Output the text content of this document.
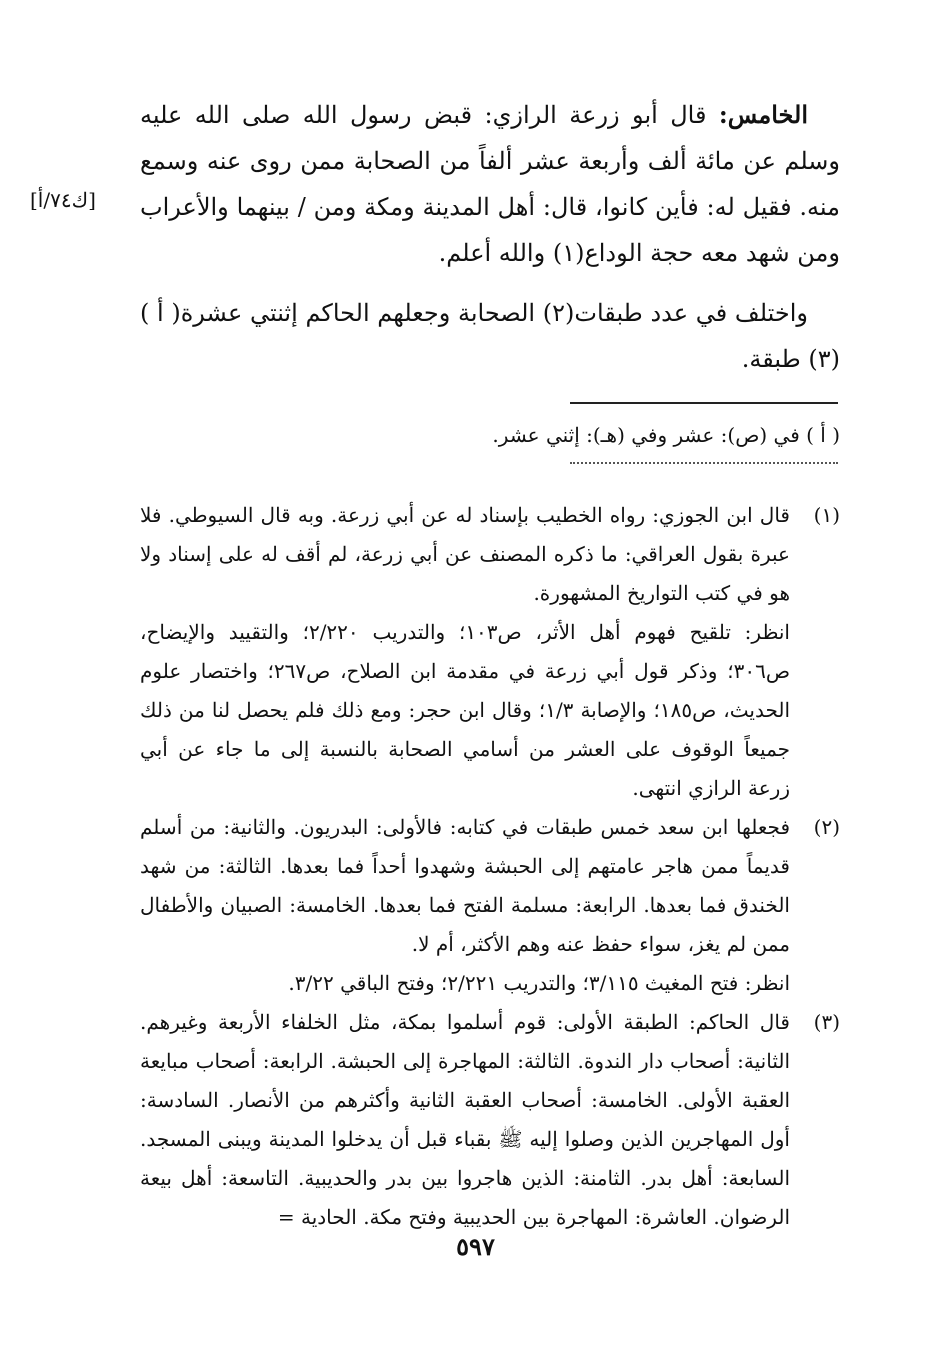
الخامس: قال أبو زرعة الرازي: قبض رسول الله صلى الله عليه وسلم عن مائة ألف وأربعة عشر ألفاً من الصحابة ممن روى عنه وسمع منه. فقيل له: فأين كانوا، قال: أهل المدينة ومكة ومن / بينهما والأعراب ومن شهد معه حجة الوداع(١) والله أعلم.

واختلف في عدد طبقات(٢) الصحابة وجعلهم الحاكم إثنتي عشرة( أ )(٣) طبقة.

[ك٧٤/أ]
( أ ) في (ص): عشر وفي (هـ): إثني عشر.
(١)

قال ابن الجوزي: رواه الخطيب بإسناد له عن أبي زرعة. وبه قال السيوطي. فلا عبرة بقول العراقي: ما ذكره المصنف عن أبي زرعة، لم أقف له على إسناد ولا هو في كتب التواريخ المشهورة.

انظر: تلقيح فهوم أهل الأثر، ص١٠٣؛ والتدريب ٢/٢٢٠؛ والتقييد والإيضاح، ص٣٠٦؛ وذكر قول أبي زرعة في مقدمة ابن الصلاح، ص٢٦٧؛ واختصار علوم الحديث، ص١٨٥؛ والإصابة ١/٣؛ وقال ابن حجر: ومع ذلك فلم يحصل لنا من ذلك جميعاً الوقوف على العشر من أسامي الصحابة بالنسبة إلى ما جاء عن أبي زرعة الرازي انتهى.

(٢)

فجعلها ابن سعد خمس طبقات في كتابه: فالأولى: البدريون. والثانية: من أسلم قديماً ممن هاجر عامتهم إلى الحبشة وشهدوا أحداً فما بعدها. الثالثة: من شهد الخندق فما بعدها. الرابعة: مسلمة الفتح فما بعدها. الخامسة: الصبيان والأطفال ممن لم يغز، سواء حفظ عنه وهم الأكثر، أم لا.

انظر: فتح المغيث ٣/١١٥؛ والتدريب ٢/٢٢١؛ وفتح الباقي ٣/٢٢.

(٣)

قال الحاكم: الطبقة الأولى: قوم أسلموا بمكة، مثل الخلفاء الأربعة وغيرهم. الثانية: أصحاب دار الندوة. الثالثة: المهاجرة إلى الحبشة. الرابعة: أصحاب مبايعة العقبة الأولى. الخامسة: أصحاب العقبة الثانية وأكثرهم من الأنصار. السادسة: أول المهاجرين الذين وصلوا إليه ﷺ بقباء قبل أن يدخلوا المدينة ويبنى المسجد. السابعة: أهل بدر. الثامنة: الذين هاجروا بين بدر والحديبية. التاسعة: أهل بيعة الرضوان. العاشرة: المهاجرة بين الحديبية وفتح مكة. الحادية =

٥٩٧
